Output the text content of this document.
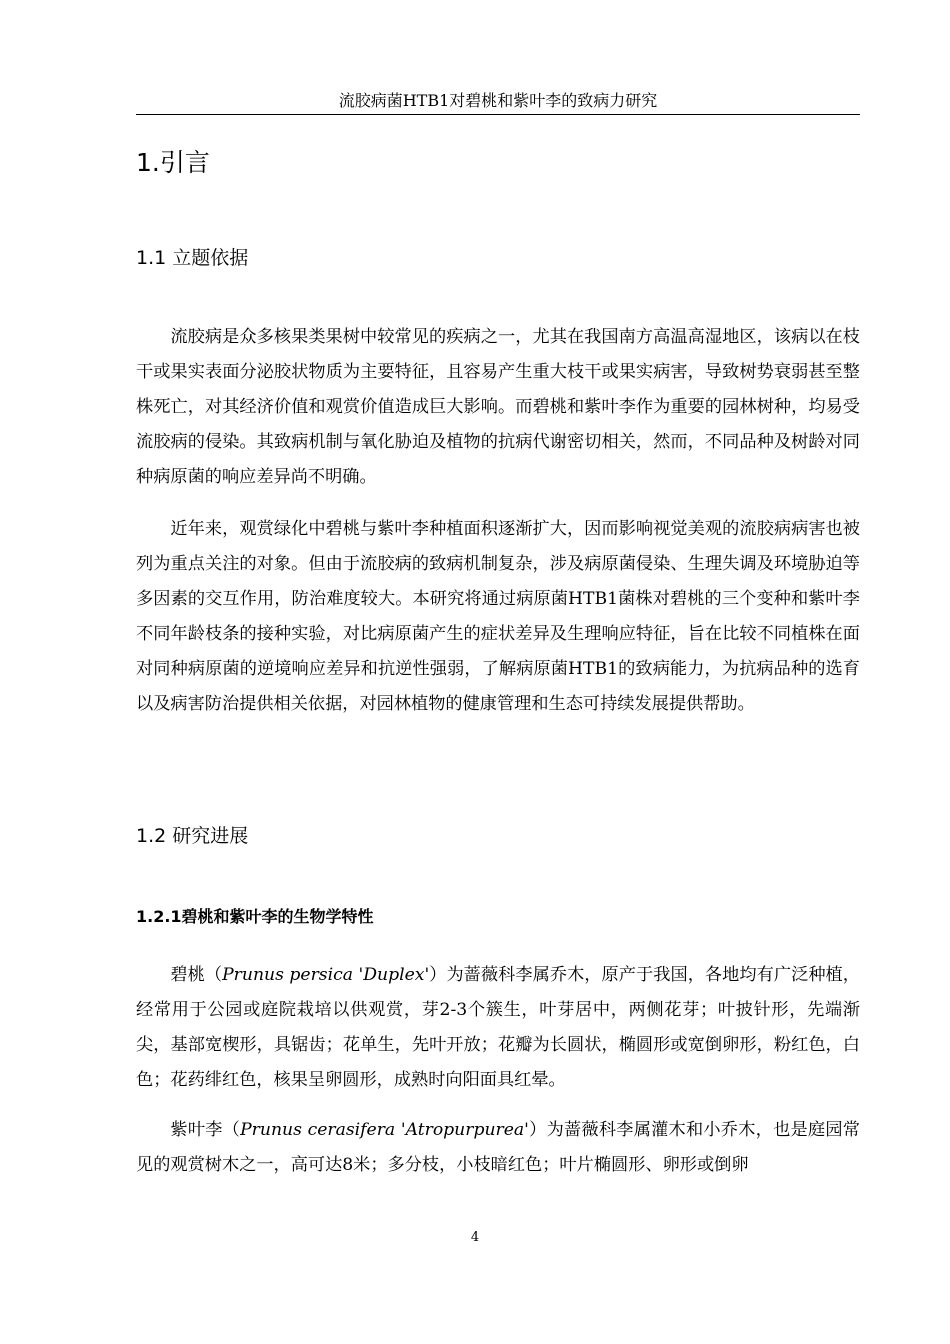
流胶病菌HTB1对碧桃和紫叶李的致病力研究
1.引言
1.1 立题依据

流胶病是众多核果类果树中较常见的疾病之一，尤其在我国南方高温高湿地区，该病以在枝干或果实表面分泌胶状物质为主要特征，且容易产生重大枝干或果实病害，导致树势衰弱甚至整株死亡，对其经济价值和观赏价值造成巨大影响。而碧桃和紫叶李作为重要的园林树种，均易受流胶病的侵染。其致病机制与氧化胁迫及植物的抗病代谢密切相关，然而，不同品种及树龄对同种病原菌的响应差异尚不明确。

近年来，观赏绿化中碧桃与紫叶李种植面积逐渐扩大，因而影响视觉美观的流胶病病害也被列为重点关注的对象。但由于流胶病的致病机制复杂，涉及病原菌侵染、生理失调及环境胁迫等多因素的交互作用，防治难度较大。本研究将通过病原菌HTB1菌株对碧桃的三个变种和紫叶李不同年龄枝条的接种实验，对比病原菌产生的症状差异及生理响应特征，旨在比较不同植株在面对同种病原菌的逆境响应差异和抗逆性强弱，了解病原菌HTB1的致病能力，为抗病品种的选育以及病害防治提供相关依据，对园林植物的健康管理和生态可持续发展提供帮助。

1.2 研究进展
1.2.1碧桃和紫叶李的生物学特性

碧桃（Prunus persica 'Duplex'）为蔷薇科李属乔木，原产于我国，各地均有广泛种植，经常用于公园或庭院栽培以供观赏，芽2-3个簇生，叶芽居中，两侧花芽；叶披针形，先端渐尖，基部宽楔形，具锯齿；花单生，先叶开放；花瓣为长圆状，椭圆形或宽倒卵形，粉红色，白色；花药绯红色，核果呈卵圆形，成熟时向阳面具红晕。

紫叶李（Prunus cerasifera 'Atropurpurea'）为蔷薇科李属灌木和小乔木，也是庭园常见的观赏树木之一，高可达8米；多分枝，小枝暗红色；叶片椭圆形、卵形或倒卵

4
